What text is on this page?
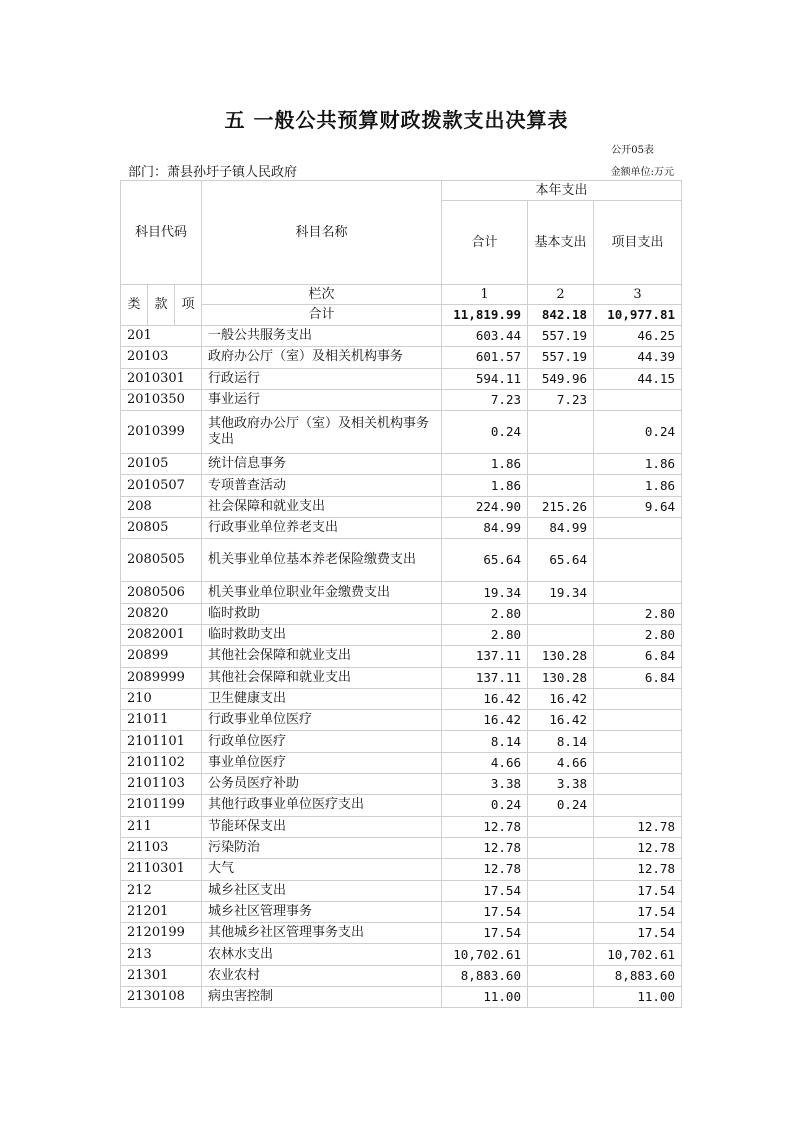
五 一般公共预算财政拨款支出决算表
公开05表
部门：萧县孙圩子镇人民政府	金额单位:万元
科目代码			科目名称	本年支出		
				合计	基本支出	项目支出
类	款	项	栏次	1	2	3
			合计	11,819.99	842.18	10,977.81
201			一般公共服务支出	603.44	557.19	46.25
20103			政府办公厅（室）及相关机构事务	601.57	557.19	44.39
2010301			行政运行	594.11	549.96	44.15
2010350			事业运行	7.23	7.23	
2010399			其他政府办公厅（室）及相关机构事务支出	0.24		0.24
20105			统计信息事务	1.86		1.86
2010507			专项普查活动	1.86		1.86
208			社会保障和就业支出	224.90	215.26	9.64
20805			行政事业单位养老支出	84.99	84.99	
2080505			机关事业单位基本养老保险缴费支出	65.64	65.64	
2080506			机关事业单位职业年金缴费支出	19.34	19.34	
20820			临时救助	2.80		2.80
2082001			临时救助支出	2.80		2.80
20899			其他社会保障和就业支出	137.11	130.28	6.84
2089999			其他社会保障和就业支出	137.11	130.28	6.84
210			卫生健康支出	16.42	16.42	
21011			行政事业单位医疗	16.42	16.42	
2101101			行政单位医疗	8.14	8.14	
2101102			事业单位医疗	4.66	4.66	
2101103			公务员医疗补助	3.38	3.38	
2101199			其他行政事业单位医疗支出	0.24	0.24	
211			节能环保支出	12.78		12.78
21103			污染防治	12.78		12.78
2110301			大气	12.78		12.78
212			城乡社区支出	17.54		17.54
21201			城乡社区管理事务	17.54		17.54
2120199			其他城乡社区管理事务支出	17.54		17.54
213			农林水支出	10,702.61		10,702.61
21301			农业农村	8,883.60		8,883.60
2130108			病虫害控制	11.00		11.00
